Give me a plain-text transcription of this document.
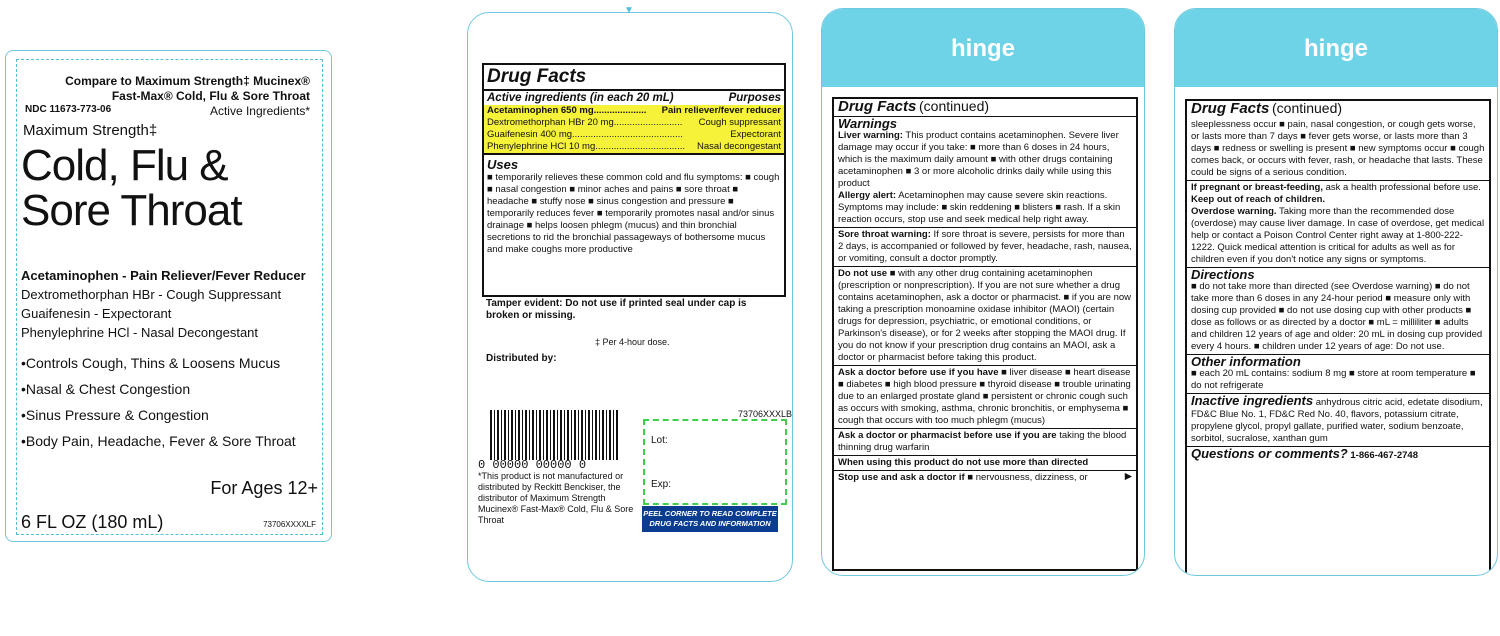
Compare to Maximum Strength‡ Mucinex®
Fast-Max® Cold, Flu & Sore Throat
Active Ingredients*
NDC 11673-773-06
Maximum Strength‡
Cold, Flu &
Sore Throat
Acetaminophen - Pain Reliever/Fever Reducer
Dextromethorphan HBr - Cough Suppressant
Guaifenesin - Expectorant
Phenylephrine HCl - Nasal Decongestant
• Controls Cough, Thins & Loosens Mucus
• Nasal & Chest Congestion
• Sinus Pressure & Congestion
• Body Pain, Headache, Fever & Sore Throat
For Ages 12+
6 FL OZ (180 mL)	73706XXXXLF
▼
Drug Facts
Active ingredients (in each 20 mL)	Purposes
Acetaminophen 650 mg.................... Pain reliever/fever reducer
Dextromethorphan HBr 20 mg.......................... Cough suppressant
Guaifenesin 400 mg..........................................	Expectorant
Phenylephrine HCl 10 mg.................................. Nasal decongestant
Uses
■ temporarily relieves these common cold and flu symptoms: ■ cough ■ nasal congestion ■ minor aches and pains ■ sore throat ■ headache ■ stuffy nose ■ sinus congestion and pressure ■ temporarily reduces fever ■ temporarily promotes nasal and/or sinus drainage ■ helps loosen phlegm (mucus) and thin bronchial secretions to rid the bronchial passageways of bothersome mucus and make coughs more productive
Tamper evident: Do not use if printed seal under cap is broken or missing.
‡ Per 4-hour dose.
Distributed by:
73706XXXLB
0 00000 00000 0
*This product is not manufactured or distributed by Reckitt Benckiser, the distributor of Maximum Strength Mucinex® Fast-Max® Cold, Flu & Sore Throat
Lot:
Exp:
PEEL CORNER TO READ COMPLETE DRUG FACTS AND INFORMATION
hinge
Drug Facts (continued)
Warnings
Liver warning: This product contains acetaminophen. Severe liver damage may occur if you take: ■ more than 6 doses in 24 hours, which is the maximum daily amount ■ with other drugs containing acetaminophen ■ 3 or more alcoholic drinks daily while using this product
Allergy alert: Acetaminophen may cause severe skin reactions. Symptoms may include: ■ skin reddening ■ blisters ■ rash. If a skin reaction occurs, stop use and seek medical help right away.
Sore throat warning: If sore throat is severe, persists for more than 2 days, is accompanied or followed by fever, headache, rash, nausea, or vomiting, consult a doctor promptly.
Do not use ■ with any other drug containing acetaminophen (prescription or nonprescription). If you are not sure whether a drug contains acetaminophen, ask a doctor or pharmacist. ■ if you are now taking a prescription monoamine oxidase inhibitor (MAOI) (certain drugs for depression, psychiatric, or emotional conditions, or Parkinson's disease), or for 2 weeks after stopping the MAOI drug. If you do not know if your prescription drug contains an MAOI, ask a doctor or pharmacist before taking this product.
Ask a doctor before use if you have ■ liver disease ■ heart disease ■ diabetes ■ high blood pressure ■ thyroid disease ■ trouble urinating due to an enlarged prostate gland ■ persistent or chronic cough such as occurs with smoking, asthma, chronic bronchitis, or emphysema ■ cough that occurs with too much phlegm (mucus)
Ask a doctor or pharmacist before use if you are taking the blood thinning drug warfarin
When using this product do not use more than directed
Stop use and ask a doctor if ■ nervousness, dizziness, or	▶
hinge
Drug Facts (continued)
sleeplessness occur ■ pain, nasal congestion, or cough gets worse, or lasts more than 7 days ■ fever gets worse, or lasts more than 3 days ■ redness or swelling is present ■ new symptoms occur ■ cough comes back, or occurs with fever, rash, or headache that lasts. These could be signs of a serious condition.
If pregnant or breast-feeding, ask a health professional before use.
Keep out of reach of children.
Overdose warning. Taking more than the recommended dose (overdose) may cause liver damage. In case of overdose, get medical help or contact a Poison Control Center right away at 1-800-222-1222. Quick medical attention is critical for adults as well as for children even if you don't notice any signs or symptoms.
Directions
■ do not take more than directed (see Overdose warning) ■ do not take more than 6 doses in any 24-hour period ■ measure only with dosing cup provided ■ do not use dosing cup with other products ■ dose as follows or as directed by a doctor ■ mL = milliliter ■ adults and children 12 years of age and older: 20 mL in dosing cup provided every 4 hours. ■ children under 12 years of age: Do not use.
Other information
■ each 20 mL contains: sodium 8 mg ■ store at room temperature ■ do not refrigerate
Inactive ingredients anhydrous citric acid, edetate disodium, FD&C Blue No. 1, FD&C Red No. 40, flavors, potassium citrate, propylene glycol, propyl gallate, purified water, sodium benzoate, sorbitol, sucralose, xanthan gum
Questions or comments? 1-866-467-2748
